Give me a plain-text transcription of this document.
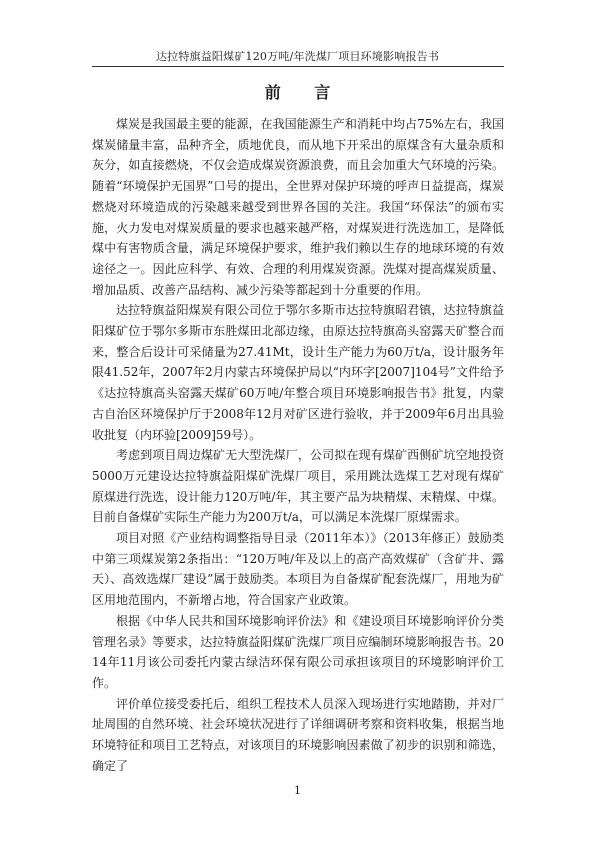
达拉特旗益阳煤矿120万吨/年洗煤厂项目环境影响报告书
前 言

煤炭是我国最主要的能源，在我国能源生产和消耗中均占75%左右，我国煤炭储量丰富，品种齐全，质地优良，而从地下开采出的原煤含有大量杂质和灰分，如直接燃烧，不仅会造成煤炭资源浪费，而且会加重大气环境的污染。随着“环境保护无国界”口号的提出，全世界对保护环境的呼声日益提高，煤炭燃烧对环境造成的污染越来越受到世界各国的关注。我国“环保法”的颁布实施，火力发电对煤炭质量的要求也越来越严格，对煤炭进行洗选加工，是降低煤中有害物质含量，满足环境保护要求，维护我们赖以生存的地球环境的有效途径之一。因此应科学、有效、合理的利用煤炭资源。洗煤对提高煤炭质量、增加品质、改善产品结构、减少污染等都起到十分重要的作用。

达拉特旗益阳煤炭有限公司位于鄂尔多斯市达拉特旗昭君镇，达拉特旗益阳煤矿位于鄂尔多斯市东胜煤田北部边缘，由原达拉特旗高头窑露天矿整合而来，整合后设计可采储量为27.41Mt，设计生产能力为60万t/a，设计服务年限41.52年，2007年2月内蒙古环境保护局以“内环字[2007]104号”文件给予《达拉特旗高头窑露天煤矿60万吨/年整合项目环境影响报告书》批复，内蒙古自治区环境保护厅于2008年12月对矿区进行验收，并于2009年6月出具验收批复（内环验[2009]59号）。

考虑到项目周边煤矿无大型洗煤厂，公司拟在现有煤矿西侧矿坑空地投资5000万元建设达拉特旗益阳煤矿洗煤厂项目，采用跳汰选煤工艺对现有煤矿原煤进行洗选，设计能力120万吨/年，其主要产品为块精煤、末精煤、中煤。目前自备煤矿实际生产能力为200万t/a，可以满足本洗煤厂原煤需求。

项目对照《产业结构调整指导目录（2011年本）》（2013年修正）鼓励类中第三项煤炭第2条指出：“120万吨/年及以上的高产高效煤矿（含矿井、露天）、高效选煤厂建设”属于鼓励类。本项目为自备煤矿配套洗煤厂，用地为矿区用地范围内，不新增占地，符合国家产业政策。

根据《中华人民共和国环境影响评价法》和《建设项目环境影响评价分类管理名录》等要求，达拉特旗益阳煤矿洗煤厂项目应编制环境影响报告书。2014年11月该公司委托内蒙古绿洁环保有限公司承担该项目的环境影响评价工作。

评价单位接受委托后，组织工程技术人员深入现场进行实地踏勘，并对厂址周围的自然环境、社会环境状况进行了详细调研考察和资料收集，根据当地环境特征和项目工艺特点，对该项目的环境影响因素做了初步的识别和筛选，确定了

1
